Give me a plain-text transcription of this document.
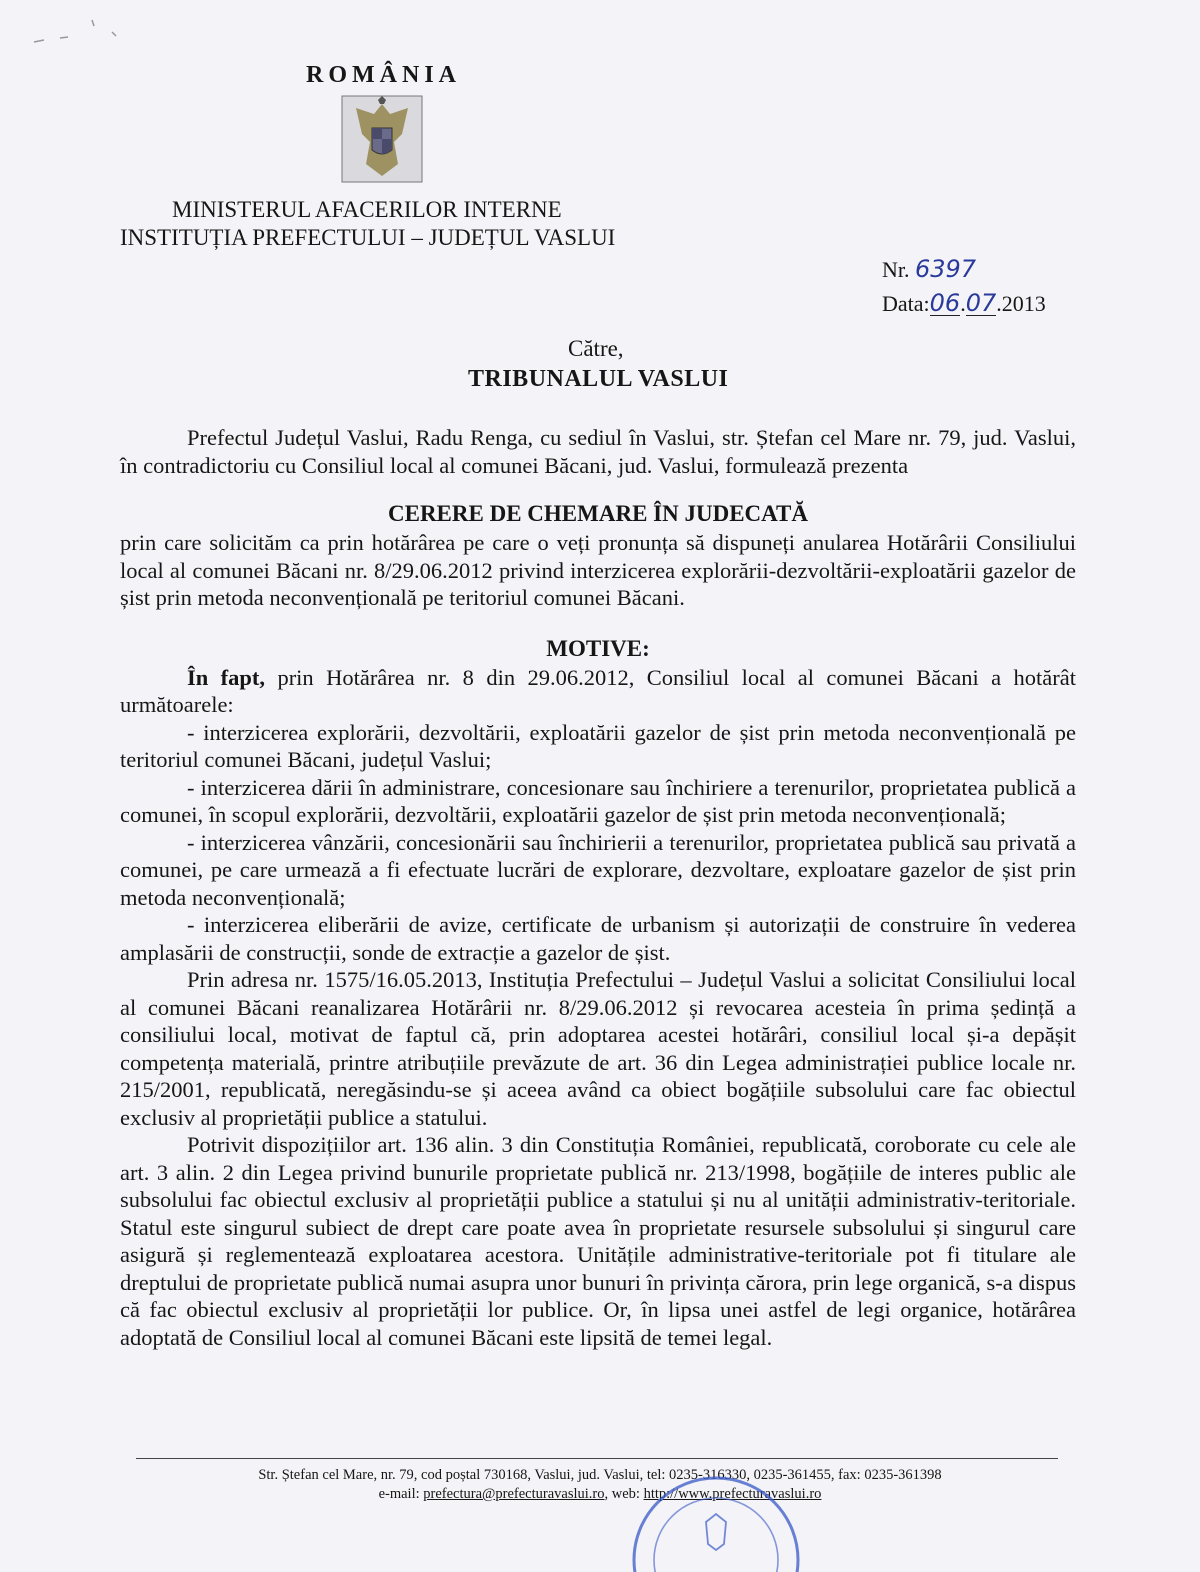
ROMÂNIA
MINISTERUL AFACERILOR INTERNE
INSTITUȚIA PREFECTULUI – JUDEȚUL VASLUI
Nr. 6397
Data:06.07.2013
Către,
TRIBUNALUL VASLUI

Prefectul Județul Vaslui, Radu Renga, cu sediul în Vaslui, str. Ștefan cel Mare nr. 79, jud. Vaslui, în contradictoriu cu Consiliul local al comunei Băcani, jud. Vaslui, formulează prezenta

CERERE DE CHEMARE ÎN JUDECATĂ

prin care solicităm ca prin hotărârea pe care o veți pronunța să dispuneți anularea Hotărârii Consiliului local al comunei Băcani nr. 8/29.06.2012 privind interzicerea explorării-dezvoltării-exploatării gazelor de șist prin metoda neconvențională pe teritoriul comunei Băcani.

MOTIVE:

În fapt, prin Hotărârea nr. 8 din 29.06.2012, Consiliul local al comunei Băcani a hotărât următoarele:

- interzicerea explorării, dezvoltării, exploatării gazelor de șist prin metoda neconvențională pe teritoriul comunei Băcani, județul Vaslui;

- interzicerea dării în administrare, concesionare sau închiriere a terenurilor, proprietatea publică a comunei, în scopul explorării, dezvoltării, exploatării gazelor de șist prin metoda neconvențională;

- interzicerea vânzării, concesionării sau închirierii a terenurilor, proprietatea publică sau privată a comunei, pe care urmează a fi efectuate lucrări de explorare, dezvoltare, exploatare gazelor de șist prin metoda neconvențională;

- interzicerea eliberării de avize, certificate de urbanism și autorizații de construire în vederea amplasării de construcții, sonde de extracție a gazelor de șist.

Prin adresa nr. 1575/16.05.2013, Instituția Prefectului – Județul Vaslui a solicitat Consiliului local al comunei Băcani reanalizarea Hotărârii nr. 8/29.06.2012 și revocarea acesteia în prima ședință a consiliului local, motivat de faptul că, prin adoptarea acestei hotărâri, consiliul local și-a depășit competența materială, printre atribuțiile prevăzute de art. 36 din Legea administrației publice locale nr. 215/2001, republicată, neregăsindu-se și aceea având ca obiect bogățiile subsolului care fac obiectul exclusiv al proprietății publice a statului.

Potrivit dispozițiilor art. 136 alin. 3 din Constituția României, republicată, coroborate cu cele ale art. 3 alin. 2 din Legea privind bunurile proprietate publică nr. 213/1998, bogățiile de interes public ale subsolului fac obiectul exclusiv al proprietății publice a statului și nu al unității administrativ-teritoriale. Statul este singurul subiect de drept care poate avea în proprietate resursele subsolului și singurul care asigură și reglementează exploatarea acestora. Unitățile administrative-teritoriale pot fi titulare ale dreptului de proprietate publică numai asupra unor bunuri în privința cărora, prin lege organică, s-a dispus că fac obiectul exclusiv al proprietății lor publice. Or, în lipsa unei astfel de legi organice, hotărârea adoptată de Consiliul local al comunei Băcani este lipsită de temei legal.

Str. Ștefan cel Mare, nr. 79, cod poștal 730168, Vaslui, jud. Vaslui, tel: 0235-316330, 0235-361455, fax: 0235-361398
e-mail: prefectura@prefecturavaslui.ro, web: http://www.prefecturavaslui.ro
